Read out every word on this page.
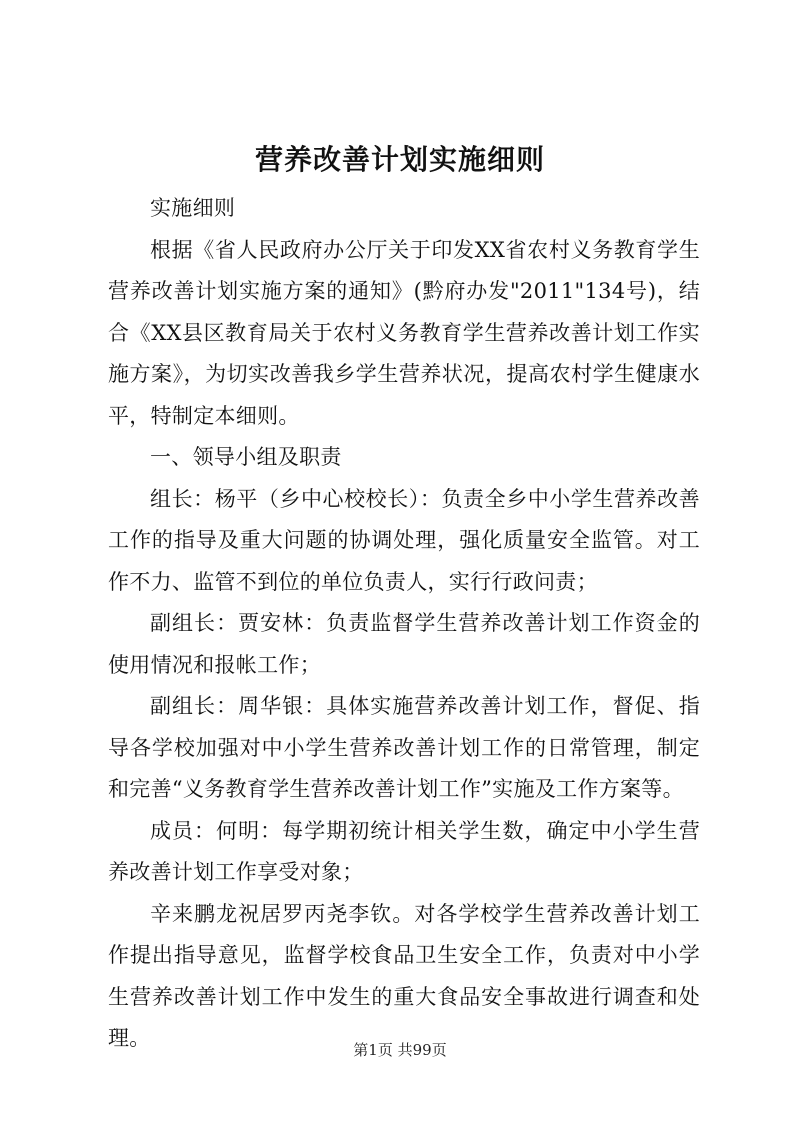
营养改善计划实施细则

实施细则

根据《省人民政府办公厅关于印发XX省农村义务教育学生营养改善计划实施方案的通知》(黔府办发"2011"134号)，结合《XX县区教育局关于农村义务教育学生营养改善计划工作实施方案》，为切实改善我乡学生营养状况，提高农村学生健康水平，特制定本细则。

一、领导小组及职责

组长：杨平（乡中心校校长）：负责全乡中小学生营养改善工作的指导及重大问题的协调处理，强化质量安全监管。对工作不力、监管不到位的单位负责人，实行行政问责；

副组长：贾安林：负责监督学生营养改善计划工作资金的使用情况和报帐工作；

副组长：周华银：具体实施营养改善计划工作，督促、指导各学校加强对中小学生营养改善计划工作的日常管理，制定和完善“义务教育学生营养改善计划工作”实施及工作方案等。

成员：何明：每学期初统计相关学生数，确定中小学生营养改善计划工作享受对象；

辛来鹏龙祝居罗丙尧李钦。对各学校学生营养改善计划工作提出指导意见，监督学校食品卫生安全工作，负责对中小学生营养改善计划工作中发生的重大食品安全事故进行调查和处理。	第1页 共99页
